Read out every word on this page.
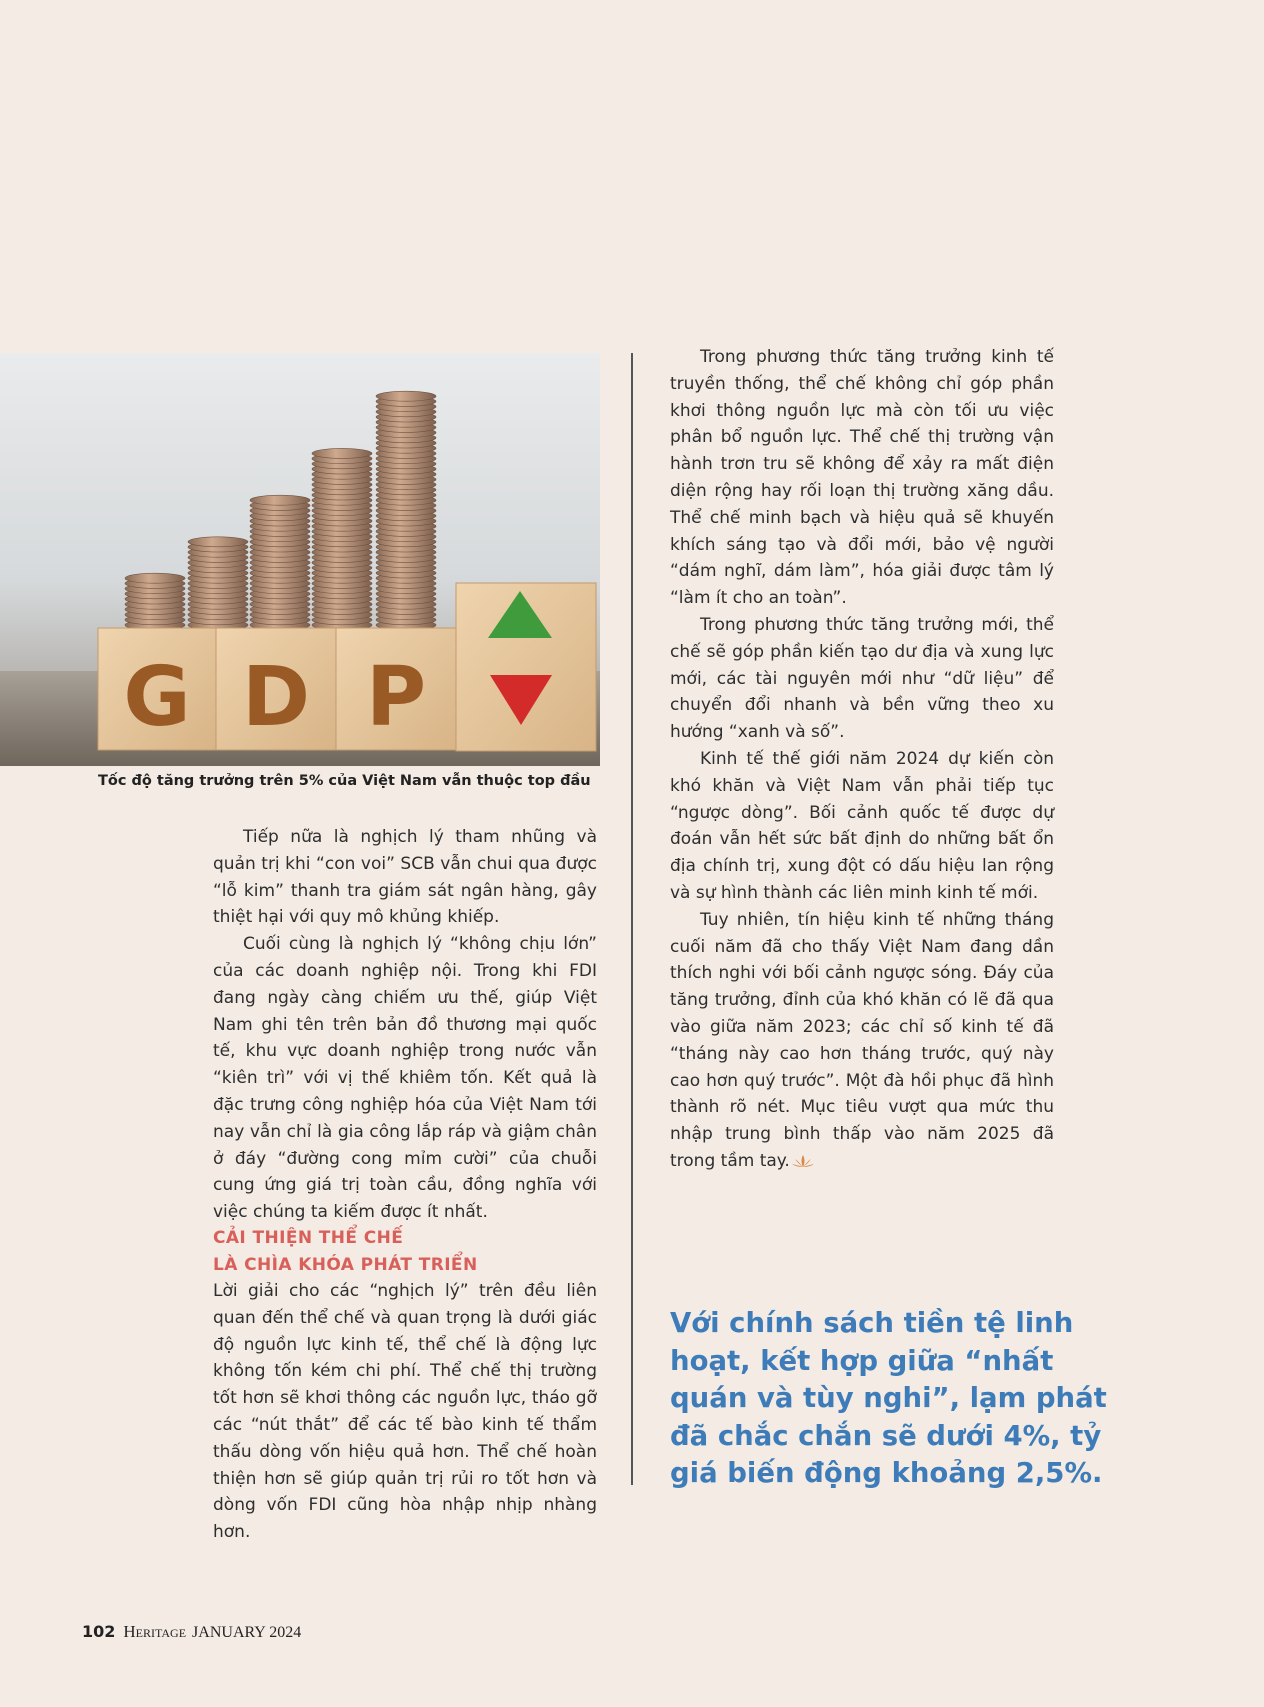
G D P
Tốc độ tăng trưởng trên 5% của Việt Nam vẫn thuộc top đầu

Tiếp nữa là nghịch lý tham nhũng và quản trị khi “con voi” SCB vẫn chui qua được “lỗ kim” thanh tra giám sát ngân hàng, gây thiệt hại với quy mô khủng khiếp.

Cuối cùng là nghịch lý “không chịu lớn” của các doanh nghiệp nội. Trong khi FDI đang ngày càng chiếm ưu thế, giúp Việt Nam ghi tên trên bản đồ thương mại quốc tế, khu vực doanh nghiệp trong nước vẫn “kiên trì” với vị thế khiêm tốn. Kết quả là đặc trưng công nghiệp hóa của Việt Nam tới nay vẫn chỉ là gia công lắp ráp và giậm chân ở đáy “đường cong mỉm cười” của chuỗi cung ứng giá trị toàn cầu, đồng nghĩa với việc chúng ta kiếm được ít nhất.

CẢI THIỆN THỂ CHẾ
LÀ CHÌA KHÓA PHÁT TRIỂN

Lời giải cho các “nghịch lý” trên đều liên quan đến thể chế và quan trọng là dưới giác độ nguồn lực kinh tế, thể chế là động lực không tốn kém chi phí. Thể chế thị trường tốt hơn sẽ khơi thông các nguồn lực, tháo gỡ các “nút thắt” để các tế bào kinh tế thẩm thấu dòng vốn hiệu quả hơn. Thể chế hoàn thiện hơn sẽ giúp quản trị rủi ro tốt hơn và dòng vốn FDI cũng hòa nhập nhịp nhàng hơn.

Trong phương thức tăng trưởng kinh tế truyền thống, thể chế không chỉ góp phần khơi thông nguồn lực mà còn tối ưu việc phân bổ nguồn lực. Thể chế thị trường vận hành trơn tru sẽ không để xảy ra mất điện diện rộng hay rối loạn thị trường xăng dầu. Thể chế minh bạch và hiệu quả sẽ khuyến khích sáng tạo và đổi mới, bảo vệ người “dám nghĩ, dám làm”, hóa giải được tâm lý “làm ít cho an toàn”.

Trong phương thức tăng trưởng mới, thể chế sẽ góp phần kiến tạo dư địa và xung lực mới, các tài nguyên mới như “dữ liệu” để chuyển đổi nhanh và bền vững theo xu hướng “xanh và số”.

Kinh tế thế giới năm 2024 dự kiến còn khó khăn và Việt Nam vẫn phải tiếp tục “ngược dòng”. Bối cảnh quốc tế được dự đoán vẫn hết sức bất định do những bất ổn địa chính trị, xung đột có dấu hiệu lan rộng và sự hình thành các liên minh kinh tế mới.

Tuy nhiên, tín hiệu kinh tế những tháng cuối năm đã cho thấy Việt Nam đang dần thích nghi với bối cảnh ngược sóng. Đáy của tăng trưởng, đỉnh của khó khăn có lẽ đã qua vào giữa năm 2023; các chỉ số kinh tế đã “tháng này cao hơn tháng trước, quý này cao hơn quý trước”. Một đà hồi phục đã hình thành rõ nét. Mục tiêu vượt qua mức thu nhập trung bình thấp vào năm 2025 đã trong tầm tay.

Với chính sách tiền tệ linh hoạt, kết hợp giữa “nhất quán và tùy nghi”, lạm phát đã chắc chắn sẽ dưới 4%, tỷ giá biến động khoảng 2,5%.
102 Heritage JANUARY 2024
